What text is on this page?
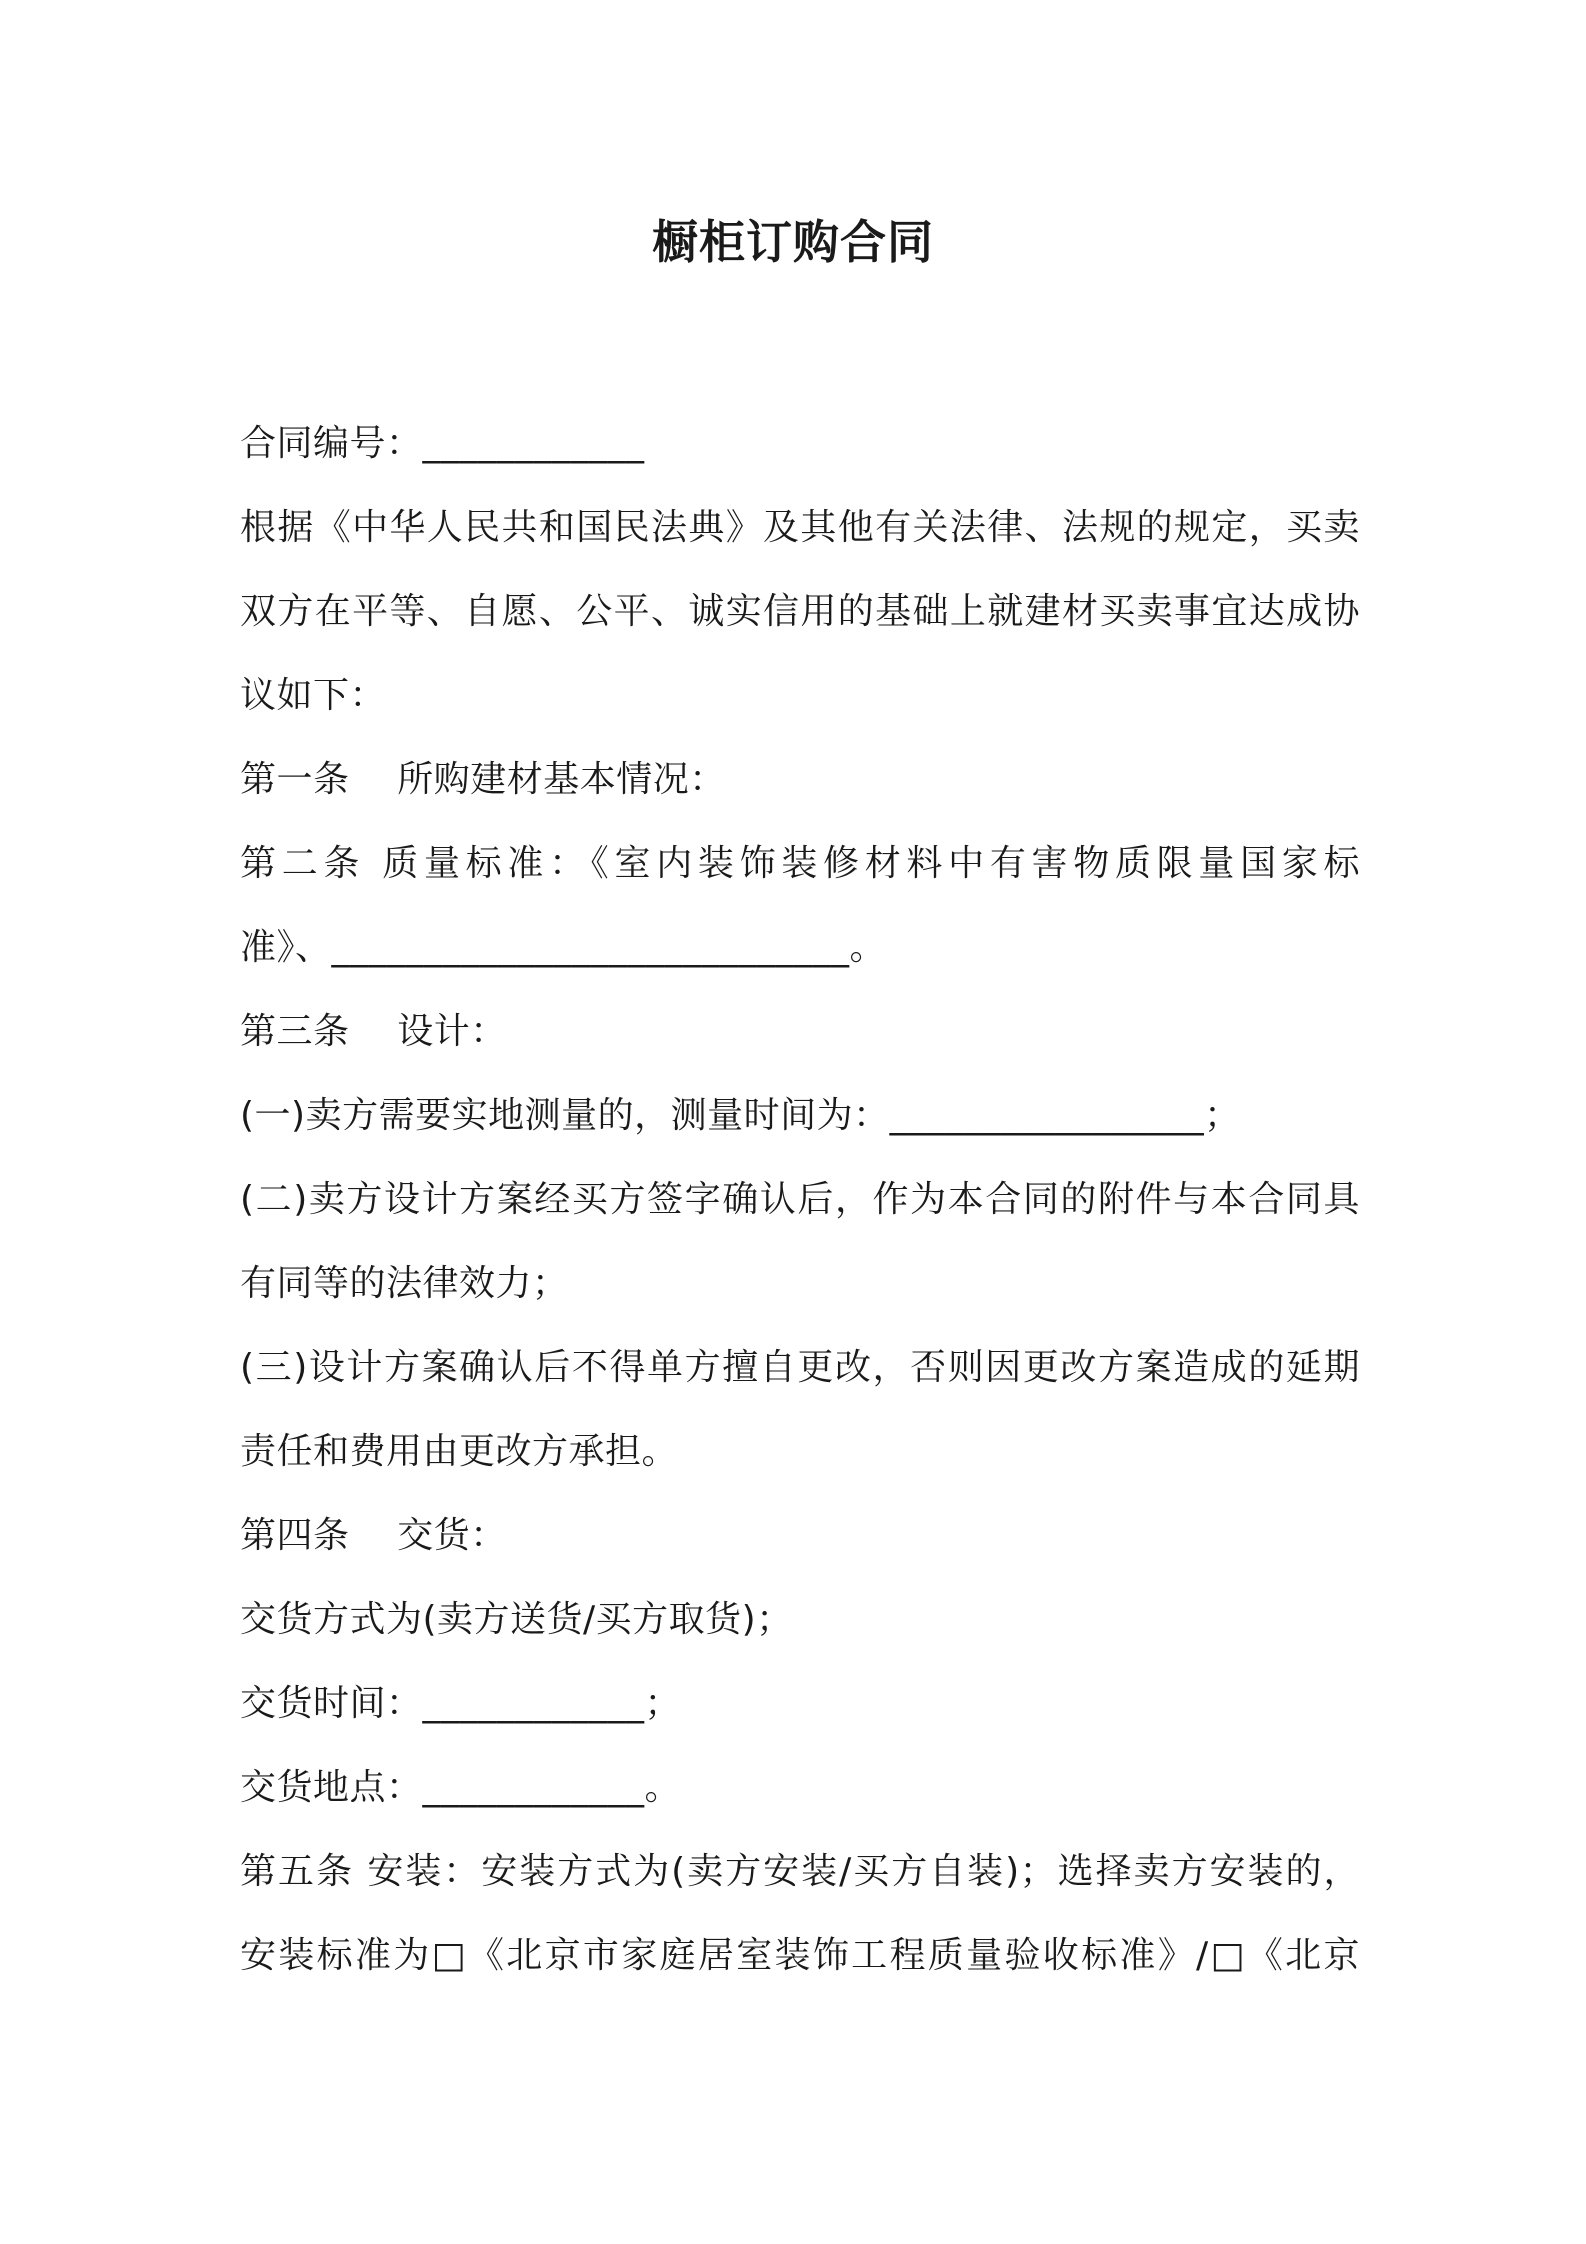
橱柜订购合同
合同编号：____________
根据《中华人民共和国民法典》及其他有关法律、法规的规定，买卖
双方在平等、自愿、公平、诚实信用的基础上就建材买卖事宜达成协
议如下：
第一条    所购建材基本情况：
第二条 质量标准：《室内装饰装修材料中有害物质限量国家标
准》、____________________________。
第三条    设计：
(一)卖方需要实地测量的，测量时间为：_________________；
(二)卖方设计方案经买方签字确认后，作为本合同的附件与本合同具
有同等的法律效力；
(三)设计方案确认后不得单方擅自更改，否则因更改方案造成的延期
责任和费用由更改方承担。
第四条    交货：
交货方式为(卖方送货/买方取货)；
交货时间：____________；
交货地点：____________。
第五条 安装：安装方式为(卖方安装/买方自装)；选择卖方安装的，
安装标准为□《北京市家庭居室装饰工程质量验收标准》/□《北京
